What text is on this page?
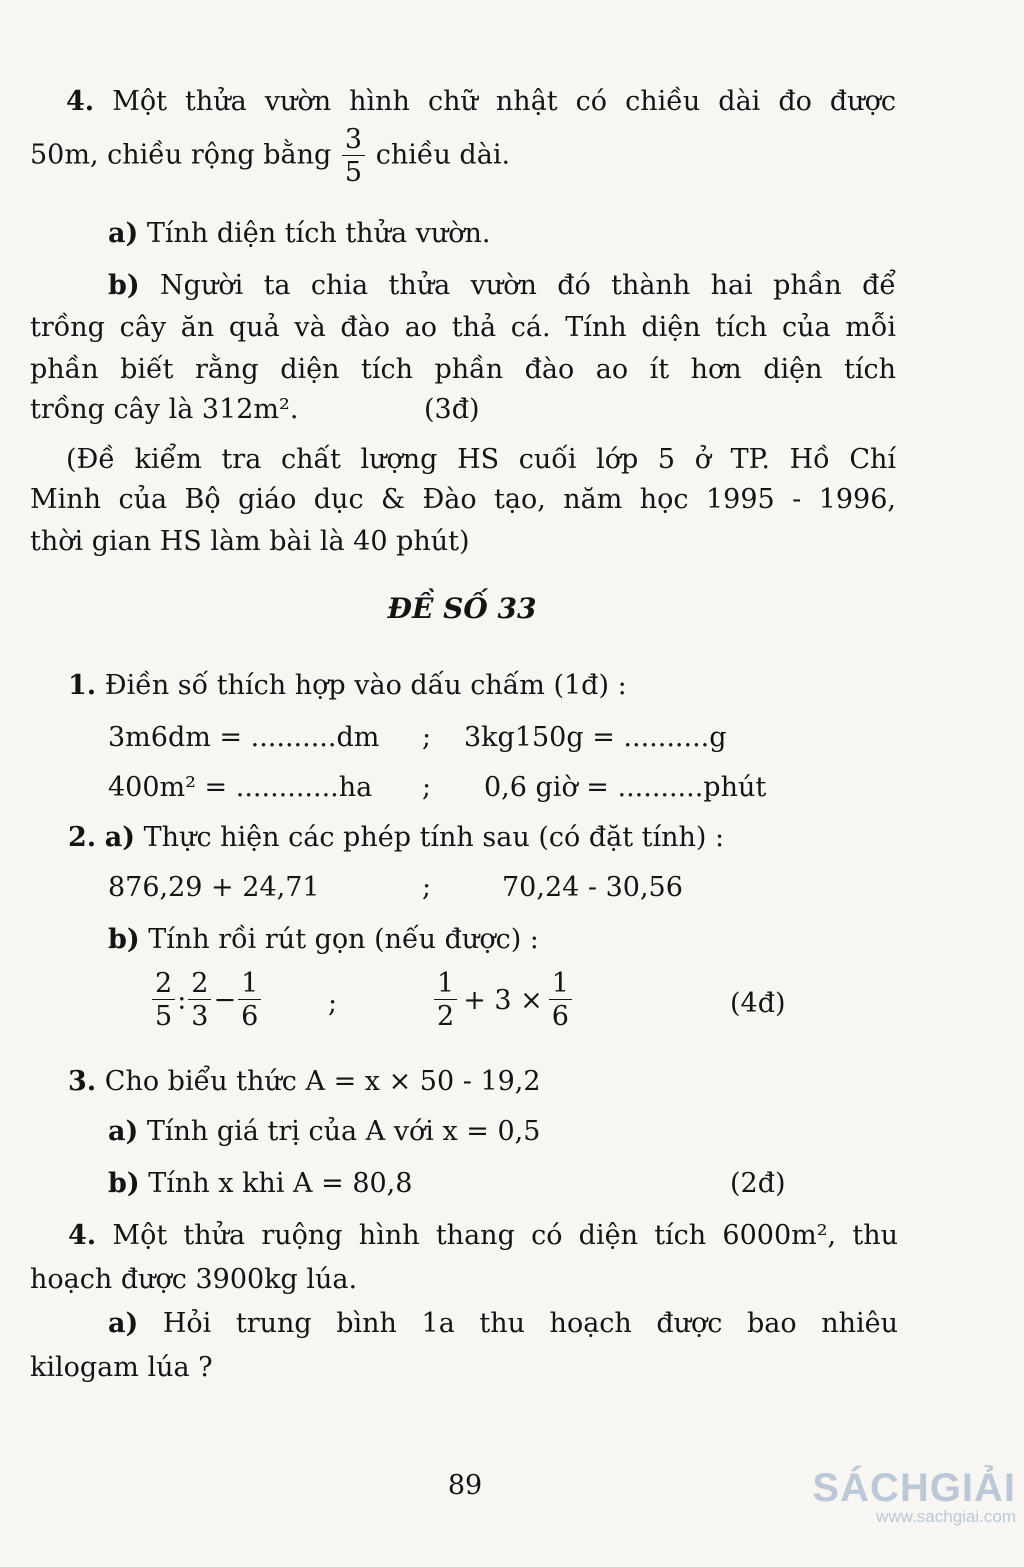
4. Một thửa vườn hình chữ nhật có chiều dài đo được
50m, chiều rộng bằng $\frac{3}{5}$ chiều dài.
a) Tính diện tích thửa vườn.
b) Người ta chia thửa vườn đó thành hai phần để
trồng cây ăn quả và đào ao thả cá. Tính diện tích của mỗi
phần biết rằng diện tích phần đào ao ít hơn diện tích
trồng cây là 312m².	(3đ)
(Đề kiểm tra chất lượng HS cuối lớp 5 ở TP. Hồ Chí
Minh của Bộ giáo dục & Đào tạo, năm học 1995 - 1996,
thời gian HS làm bài là 40 phút)
ĐỀ SỐ 33
1. Điền số thích hợp vào dấu chấm (1đ) :
3m6dm = ..........dm ; 3kg150g = ..........g
400m² = ............ha ; 0,6 giờ = ..........phút
2. a) Thực hiện các phép tính sau (có đặt tính) :
876,29 + 24,71	;	70,24 - 30,56
b) Tính rồi rút gọn (nếu được) :
$\frac{2}{5}$ : $\frac{2}{3} - \frac{1}{6}$ ;	$\frac{1}{2} + 3 \times \frac{1}{6}$	(4đ)
3. Cho biểu thức A = x × 50 - 19,2
a) Tính giá trị của A với x = 0,5
b) Tính x khi A = 80,8	(2đ)
4. Một thửa ruộng hình thang có diện tích 6000m², thu
hoạch được 3900kg lúa.
a) Hỏi trung bình 1a thu hoạch được bao nhiêu
kilogam lúa ?
89	SÁCHGIẢI
www.sachgiai.com
